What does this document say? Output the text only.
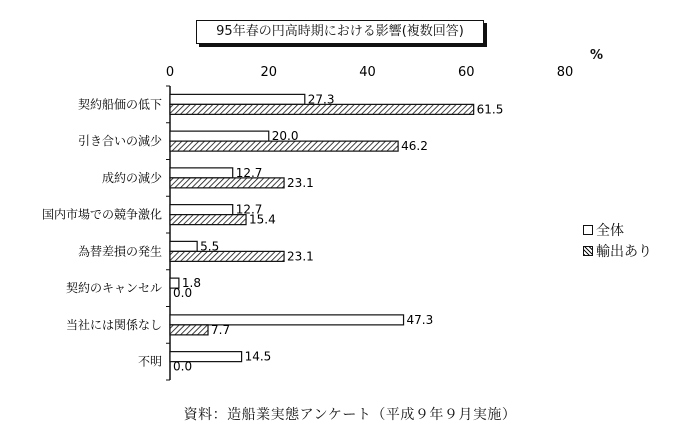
95年春の円高時期における影響(複数回答)
%
0	20	40	60	80
契約船価の低下	27.3
61.5
引き合いの減少	20.0
46.2
成約の減少	12.7
23.1
国内市場での競争激化	12.7
15.4
為替差損の発生	5.5
23.1
契約のキャンセル 1.8
0.0
当社には関係なし	47.3
7.7
不明	14.5
0.0
全体
輸出あり
資料：造船業実態アンケート（平成９年９月実施）
